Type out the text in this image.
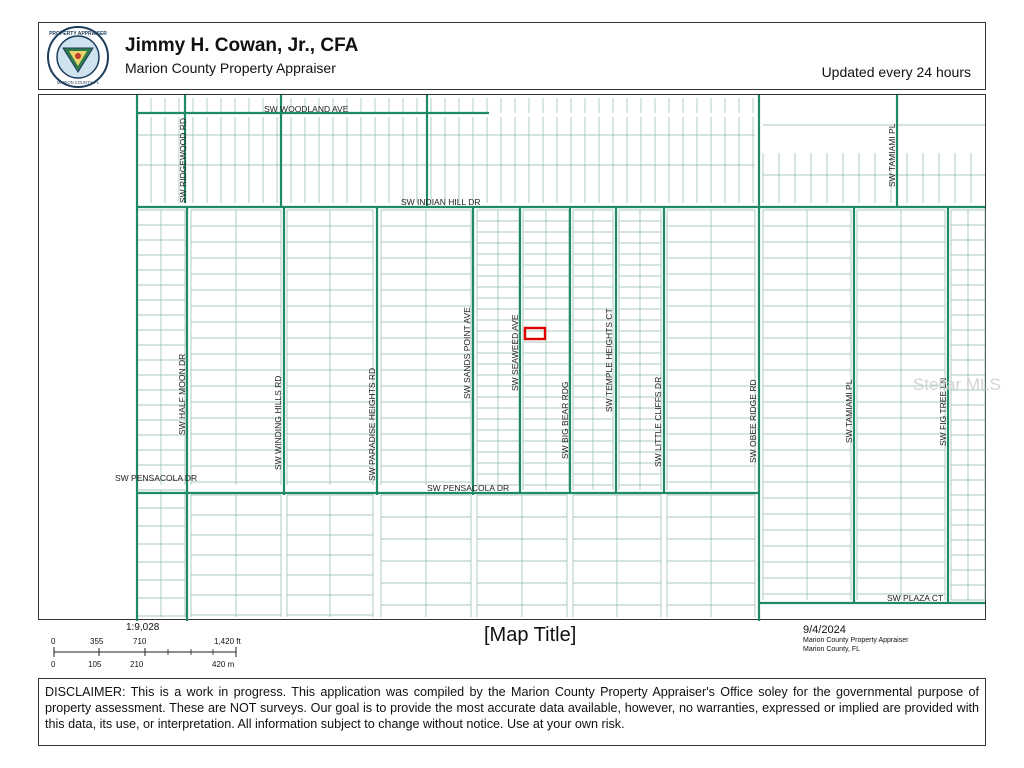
PROPERTY APPRAISER
MARION COUNTY, FL
Jimmy H. Cowan, Jr., CFA
Marion County Property Appraiser	Updated every 24 hours
SW WOODLAND AVE
SW INDIAN HILL DR
SW RIDGEWOOD RD	SW TAMIAMI PL
SW HALF MOON DR	SW WINDING HILLS RD	SW PARADISE HEIGHTS RD
SW SANDS POINT AVE	SW SEAWEED AVE
SW BIG BEAR RDG
SW TEMPLE HEIGHTS CT
SW LITTLE CLIFFS DR	SW OBEE RIDGE RD	SW TAMIAMI PL	SW FIG TREE LN
SW PENSACOLA DR
SW PENSACOLA DR
SW PLAZA CT
Stellar MLS
1:9,028
0	355	710	1,420 ft
0	105	210	420 m
[Map Title]	9/4/2024
Marion County Property Appraiser
Marion County, FL
DISCLAIMER: This is a work in progress. This application was compiled by the Marion County Property Appraiser's Office soley for the governmental purpose of property assessment. These are NOT surveys. Our goal is to provide the most accurate data available, however, no warranties, expressed or implied are provided with this data, its use, or interpretation. All information subject to change without notice. Use at your own risk.
